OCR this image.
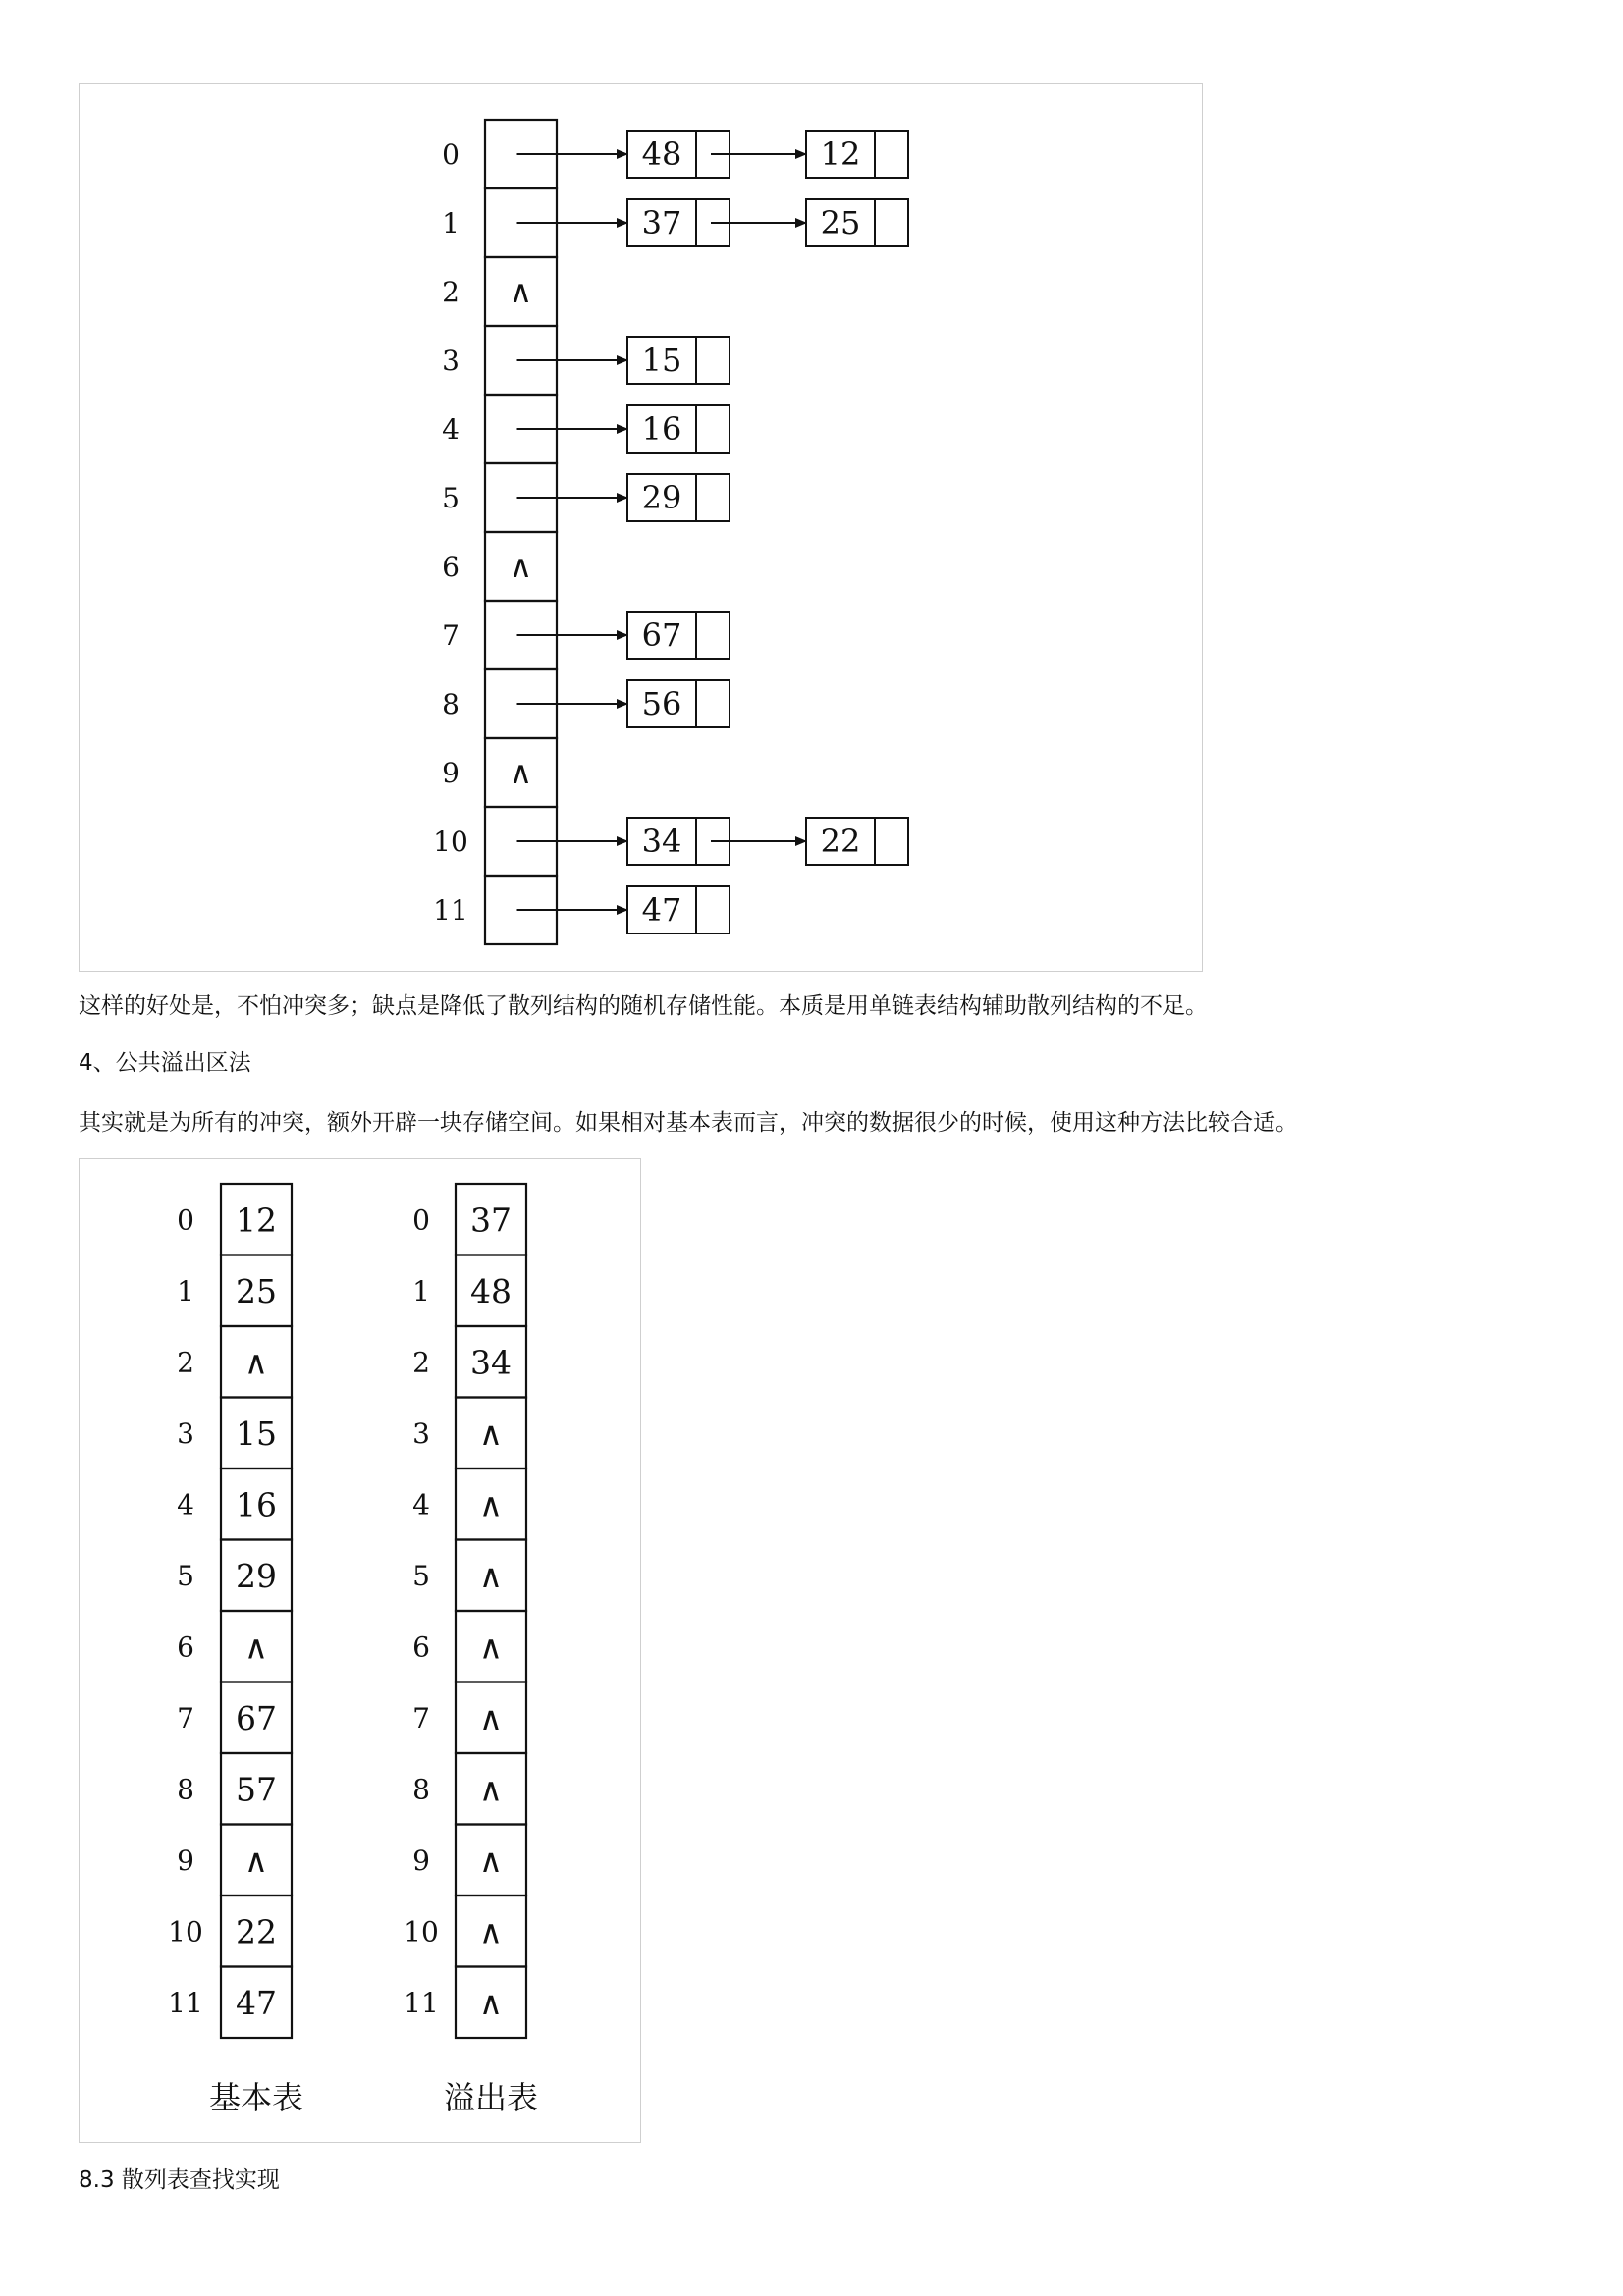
0	48	12
1	37	25
2 ∧
3	15
4	16
5	29
6 ∧
7	67
8	56
9 ∧
10	34	22
11	47

这样的好处是，不怕冲突多；缺点是降低了散列结构的随机存储性能。本质是用单链表结构辅助散列结构的不足。

4、公共溢出区法

其实就是为所有的冲突，额外开辟一块存储空间。如果相对基本表而言，冲突的数据很少的时候，使用这种方法比较合适。

0 12
1 25
2 ∧
3 15
4 16
5 29
6 ∧
7 67
8 57
9 ∧
10 22
11 47
基本表
0 37
1 48
2 34
3 ∧
4 ∧
5 ∧
6 ∧
7 ∧
8 ∧
9 ∧
10 ∧
11 ∧
溢出表

8.3 散列表查找实现
